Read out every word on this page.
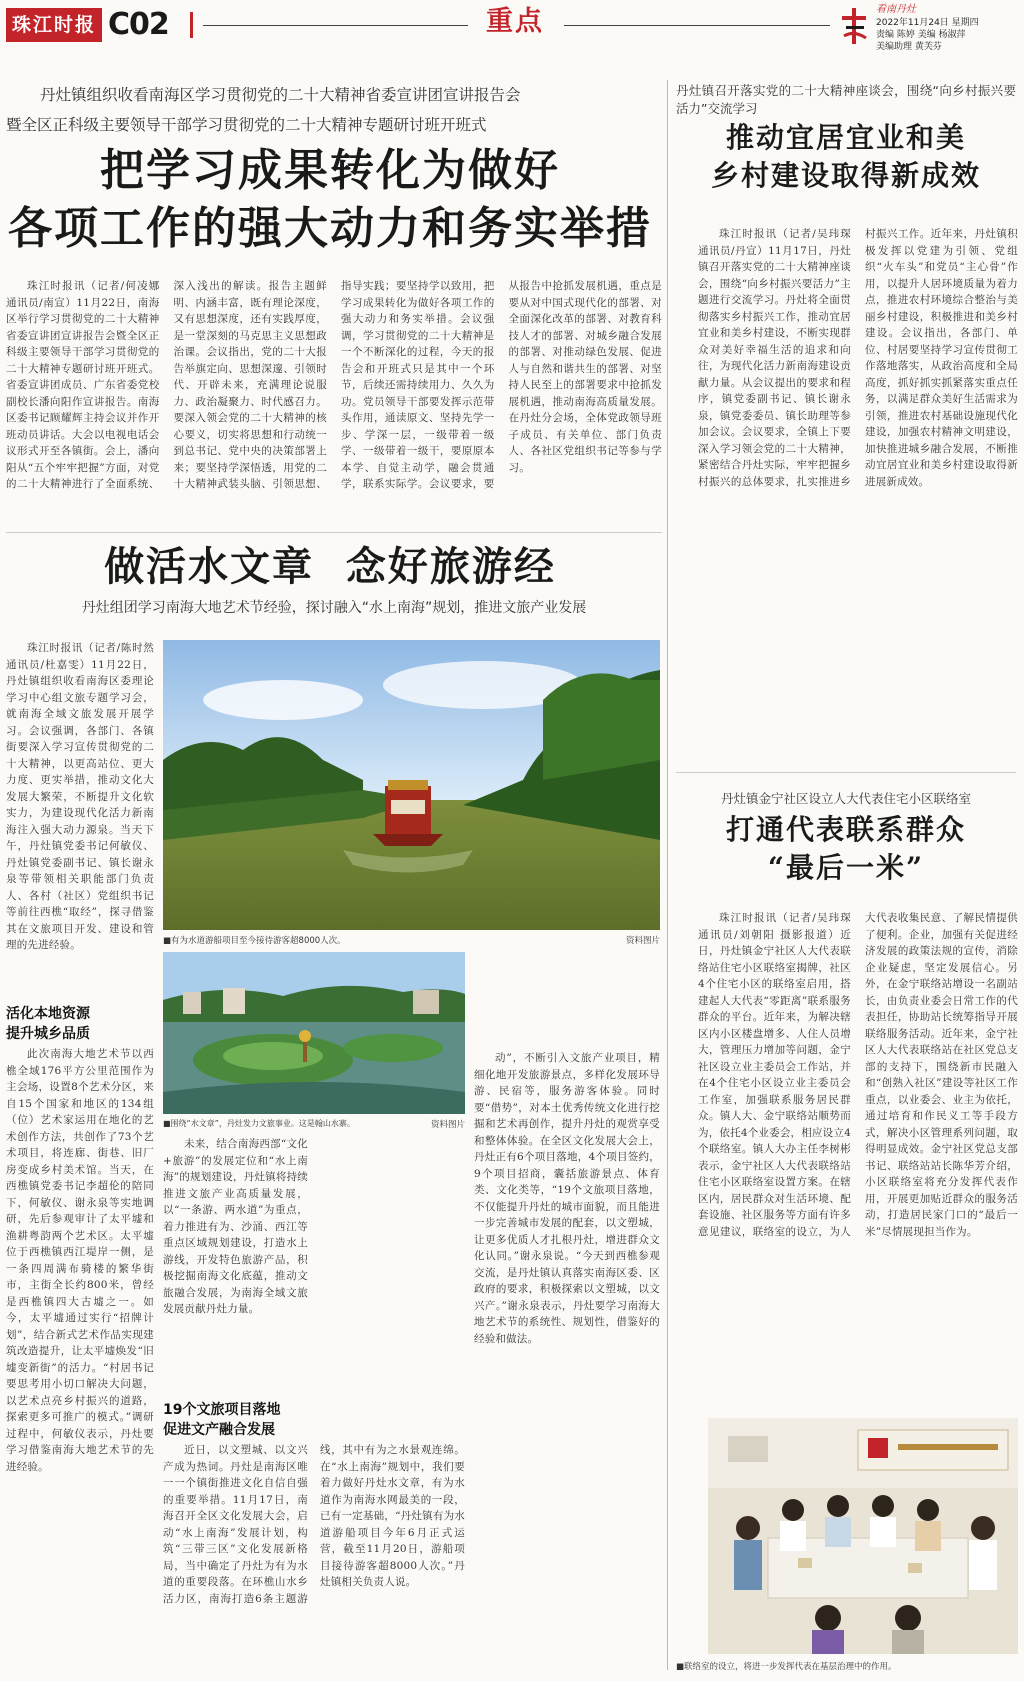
珠江时报 C02	重点	看南丹灶
2022年11月24日 星期四
责编 陈婷 美编 杨淑萍
美编助理 黄芙芬
丹灶镇组织收看南海区学习贯彻党的二十大精神省委宣讲团宣讲报告会
暨全区正科级主要领导干部学习贯彻党的二十大精神专题研讨班开班式
把学习成果转化为做好
各项工作的强大动力和务实举措

珠江时报讯（记者/何凌娜 通讯员/南宣）11月22日，南海区举行学习贯彻党的二十大精神省委宣讲团宣讲报告会暨全区正科级主要领导干部学习贯彻党的二十大精神专题研讨班开班式。省委宣讲团成员、广东省委党校副校长潘向阳作宣讲报告。南海区委书记顾耀辉主持会议并作开班动员讲话。大会以电视电话会议形式开至各镇街。会上，潘向阳从“五个牢牢把握”方面，对党的二十大精神进行了全面系统、深入浅出的解读。报告主题鲜明、内涵丰富，既有理论深度，又有思想深度，还有实践厚度，是一堂深刻的马克思主义思想政治课。会议指出，党的二十大报告举旗定向、思想深邃、引领时代、开辟未来，充满理论说服力、政治凝聚力、时代感召力。要深入领会党的二十大精神的核心要义，切实将思想和行动统一到总书记、党中央的决策部署上来；要坚持学深悟透，用党的二十大精神武装头脑、引领思想、指导实践；要坚持学以致用，把学习成果转化为做好各项工作的强大动力和务实举措。会议强调，学习贯彻党的二十大精神是一个不断深化的过程，今天的报告会和开班式只是其中一个环节，后续还需持续用力、久久为功。党员领导干部要发挥示范带头作用，通读原文、坚持先学一步、学深一层，一级带着一级学、一级带着一级干，要原原本本学、自觉主动学，融会贯通学，联系实际学。会议要求，要从报告中抢抓发展机遇，重点是要从对中国式现代化的部署、对全面深化改革的部署、对教育科技人才的部署、对城乡融合发展的部署、对推动绿色发展、促进人与自然和谐共生的部署、对坚持人民至上的部署要求中抢抓发展机遇，推动南海高质量发展。在丹灶分会场，全体党政领导班子成员、有关单位、部门负责人、各社区党组织书记等参与学习。

做活水文章  念好旅游经
丹灶组团学习南海大地艺术节经验，探讨融入“水上南海”规划，推进文旅产业发展

珠江时报讯（记者/陈时然 通讯员/杜嘉雯）11月22日，丹灶镇组织收看南海区委理论学习中心组文旅专题学习会，就南海全域文旅发展开展学习。会议强调，各部门、各镇街要深入学习宣传贯彻党的二十大精神，以更高站位、更大力度、更实举措，推动文化大发展大繁荣，不断提升文化软实力，为建设现代化活力新南海注入强大动力源泉。当天下午，丹灶镇党委书记何敏仪、丹灶镇党委副书记、镇长谢永泉等带领相关职能部门负责人、各村（社区）党组织书记等前往西樵“取经”，探寻借鉴其在文旅项目开发、建设和管理的先进经验。	■有为水道游船项目至今接待游客超8000人次。	资料图片

活化本地资源
提升城乡品质

此次南海大地艺术节以西樵全域176平方公里范围作为主会场，设置8个艺术分区，来自15个国家和地区的134组（位）艺术家运用在地化的艺术创作方法，共创作了73个艺术项目，将连廊、街巷、旧厂房变成乡村美术馆。当天，在西樵镇党委书记李超伦的陪同下，何敏仪、谢永泉等实地调研，先后参观审计了太平墟和渔耕粤韵两个艺术区。太平墟位于西樵镇西江堤岸一侧，是一条四周满布骑楼的繁华街市，主街全长约800米，曾经是西樵镇四大古墟之一。如今，太平墟通过实行“招牌计划”，结合新式艺术作品实现建筑改造提升，让太平墟焕发“旧墟变新街”的活力。“村居书记要思考用小切口解决大问题，以艺术点亮乡村振兴的道路，探索更多可推广的模式。”调研过程中，何敏仪表示，丹灶要学习借鉴南海大地艺术节的先进经验。

■围绕“水文章”，丹灶发力文旅事业。这是翰山水寨。	资料图片

动”，不断引入文旅产业项目，精细化地开发旅游景点，多样化发展环导游、民宿等，服务游客体验。同时要“借势”，对本土优秀传统文化进行挖掘和艺术再创作，提升丹灶的观赏享受和整体体验。在全区文化发展大会上，丹灶正有6个项目落地，4个项目签约，9个项目招商，囊括旅游景点、体育类、文化类等，“19个文旅项目落地，不仅能提升丹灶的城市面貌，而且能进一步完善城市发展的配套，以文塑城，让更多优质人才扎根丹灶，增进群众文化认同。”谢永泉说。“今天到西樵参观交流，是丹灶镇认真落实南海区委、区政府的要求，积极探索以文塑城，以文兴产。”谢永泉表示，丹灶要学习南海大地艺术节的系统性、规划性，借鉴好的经验和做法。

未来，结合南海西部“文化+旅游”的发展定位和“水上南海”的规划建设，丹灶镇将持续推进文旅产业高质量发展，以“一条游、两水道”为重点，着力推进有为、沙涌、西江等重点区域规划建设，打造水上游线，开发特色旅游产品，积极挖掘南海文化底蕴，推动文旅融合发展，为南海全域文旅发展贡献丹灶力量。

19个文旅项目落地
促进文产融合发展

近日，以文塑城、以文兴产成为热词。丹灶是南海区唯一一个镇街推进文化自信自强的重要举措。11月17日，南海召开全区文化发展大会，启动“水上南海”发展计划，构筑“三带三区”文化发展新格局，当中确定了丹灶为有为水道的重要段落。在环樵山水乡活力区，南海打造6条主题游线，其中有为之水景观连绵。在“水上南海”规划中，我们要着力做好丹灶水文章，有为水道作为南海水网最美的一段，已有一定基础，“丹灶镇有为水道游船项目今年6月正式运营，截至11月20日，游船项目接待游客超8000人次。”丹灶镇相关负责人说。

丹灶镇召开落实党的二十大精神座谈会，围绕“向乡村振兴要活力”交流学习
推动宜居宜业和美
乡村建设取得新成效

珠江时报讯（记者/吴玮琛 通讯员/丹宣）11月17日，丹灶镇召开落实党的二十大精神座谈会，围绕“向乡村振兴要活力”主题进行交流学习。丹灶将全面贯彻落实乡村振兴工作，推动宜居宜业和美乡村建设，不断实现群众对美好幸福生活的追求和向往，为现代化活力新南海建设贡献力量。从会议提出的要求和程序，镇党委副书记、镇长谢永泉，镇党委委员、镇长助理等参加会议。会议要求，全镇上下要深入学习领会党的二十大精神，紧密结合丹灶实际，牢牢把握乡村振兴的总体要求，扎实推进乡村振兴工作。近年来，丹灶镇积极发挥以党建为引领、党组织“火车头”和党员“主心骨”作用，以提升人居环境质量为着力点，推进农村环境综合整治与美丽乡村建设，积极推进和美乡村建设。会议指出，各部门、单位、村居要坚持学习宣传贯彻工作落地落实，从政治高度和全局高度，抓好抓实抓紧落实重点任务，以满足群众美好生活需求为引领，推进农村基础设施现代化建设，加强农村精神文明建设，加快推进城乡融合发展，不断推动宜居宜业和美乡村建设取得新进展新成效。

丹灶镇金宁社区设立人大代表住宅小区联络室
打通代表联系群众
“最后一米”

珠江时报讯（记者/吴玮琛 通讯员/刘朝阳 摄影报道）近日，丹灶镇金宁社区人大代表联络站住宅小区联络室揭牌，社区4个住宅小区的联络室启用，搭建起人大代表“零距离”联系服务群众的平台。近年来，为解决辖区内小区楼盘增多、人住人员增大，管理压力增加等问题，金宁社区设立业主委员会工作站，并在4个住宅小区设立业主委员会工作室，加强联系服务居民群众。镇人大、金宁联络站顺势而为，依托4个业委会，相应设立4个联络室。镇人大办主任李树彬表示，金宁社区人大代表联络站住宅小区联络室设置方案。在辖区内，居民群众对生活环境、配套设施、社区服务等方面有许多意见建议，联络室的设立，为人大代表收集民意、了解民情提供了便利。企业，加强有关促进经济发展的政策法规的宣传，消除企业疑虑，坚定发展信心。另外，在金宁联络站增设一名副站长，由负责业委会日常工作的代表担任，协助站长统筹指导开展联络服务活动。近年来，金宁社区人大代表联络站在社区党总支部的支持下，围绕新市民融入和“创熟入社区”建设等社区工作重点，以业委会、业主为依托，通过培育和作民义工等手段方式，解决小区管理系列问题，取得明显成效。金宁社区党总支部书记、联络站站长陈华芳介绍，小区联络室将充分发挥代表作用，开展更加贴近群众的服务活动，打造居民家门口的“最后一米”尽情展现担当作为。

■联络室的设立，将进一步发挥代表在基层治理中的作用。
